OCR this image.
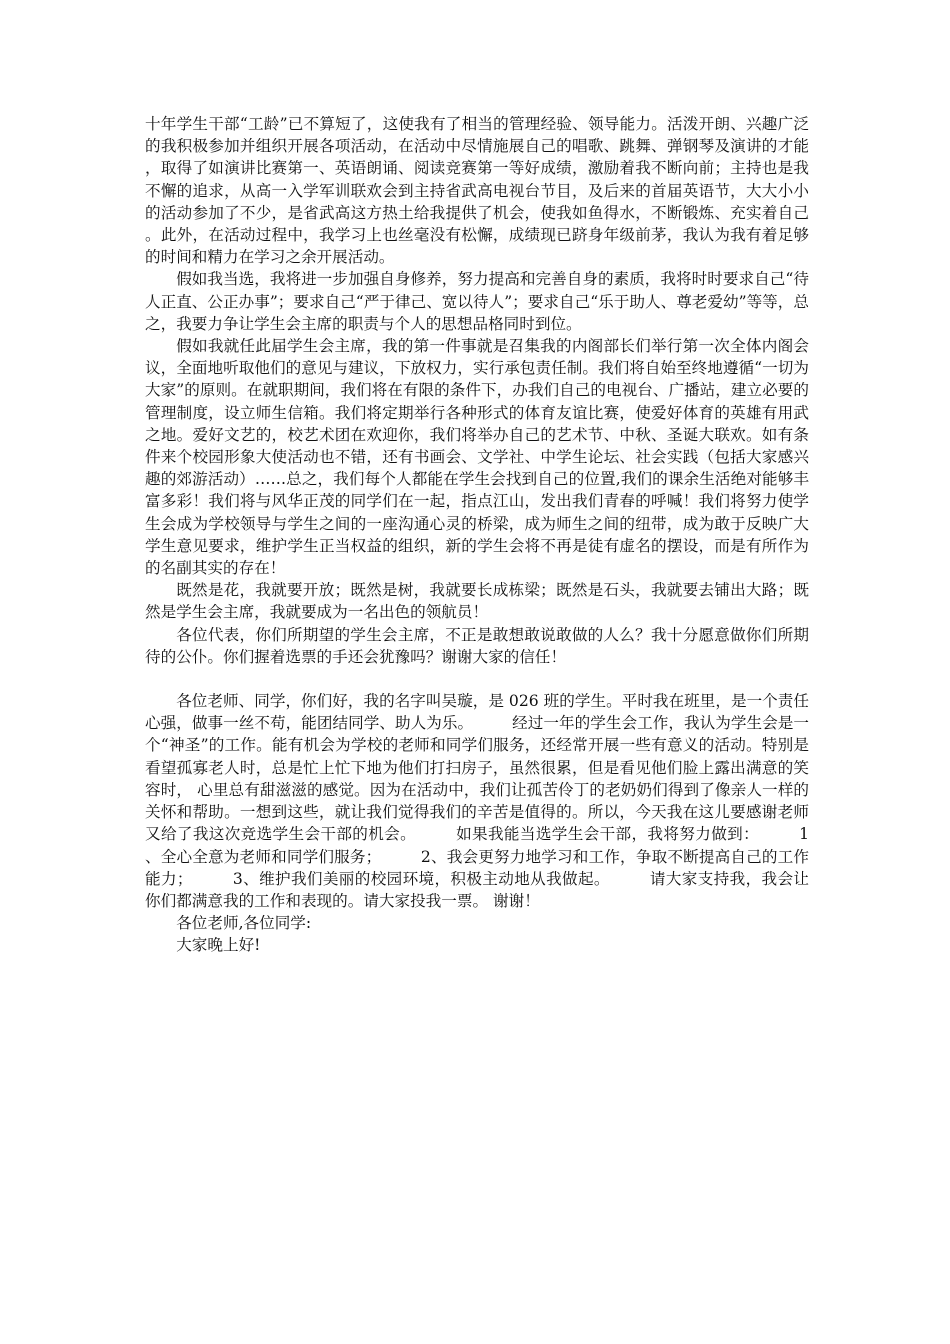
十年学生干部“工龄”已不算短了，这使我有了相当的管理经验、领导能力。活泼开朗、兴趣广泛的我积极参加并组织开展各项活动，在活动中尽情施展自己的唱歌、跳舞、弹钢琴及演讲的才能，取得了如演讲比赛第一、英语朗诵、阅读竞赛第一等好成绩，激励着我不断向前；主持也是我不懈的追求，从高一入学军训联欢会到主持省武高电视台节目，及后来的首届英语节，大大小小的活动参加了不少，是省武高这方热土给我提供了机会，使我如鱼得水，不断锻炼、充实着自己。此外，在活动过程中，我学习上也丝毫没有松懈，成绩现已跻身年级前茅，我认为我有着足够的时间和精力在学习之余开展活动。

假如我当选，我将进一步加强自身修养，努力提高和完善自身的素质，我将时时要求自己“待人正直、公正办事”；要求自己“严于律己、宽以待人”；要求自己“乐于助人、尊老爱幼”等等，总之，我要力争让学生会主席的职责与个人的思想品格同时到位。

假如我就任此届学生会主席，我的第一件事就是召集我的内阁部长们举行第一次全体内阁会议，全面地听取他们的意见与建议，下放权力，实行承包责任制。我们将自始至终地遵循“一切为大家”的原则。在就职期间，我们将在有限的条件下，办我们自己的电视台、广播站，建立必要的管理制度，设立师生信箱。我们将定期举行各种形式的体育友谊比赛，使爱好体育的英雄有用武之地。爱好文艺的，校艺术团在欢迎你，我们将举办自己的艺术节、中秋、圣诞大联欢。如有条件来个校园形象大使活动也不错，还有书画会、文学社、中学生论坛、社会实践（包括大家感兴趣的郊游活动）……总之，我们每个人都能在学生会找到自己的位置,我们的课余生活绝对能够丰富多彩！我们将与风华正茂的同学们在一起，指点江山，发出我们青春的呼喊！我们将努力使学生会成为学校领导与学生之间的一座沟通心灵的桥梁，成为师生之间的纽带，成为敢于反映广大学生意见要求，维护学生正当权益的组织，新的学生会将不再是徒有虚名的摆设，而是有所作为的名副其实的存在！

既然是花，我就要开放；既然是树，我就要长成栋梁；既然是石头，我就要去铺出大路；既然是学生会主席，我就要成为一名出色的领航员！

各位代表，你们所期望的学生会主席，不正是敢想敢说敢做的人么？我十分愿意做你们所期待的公仆。你们握着选票的手还会犹豫吗？谢谢大家的信任！

各位老师、同学，你们好，我的名字叫吴璇，是 026 班的学生。平时我在班里，是一个责任心强，做事一丝不苟，能团结同学、助人为乐。　　　经过一年的学生会工作，我认为学生会是一个“神圣”的工作。能有机会为学校的老师和同学们服务，还经常开展一些有意义的活动。特别是看望孤寡老人时，总是忙上忙下地为他们打扫房子，虽然很累，但是看见他们脸上露出满意的笑容时， 心里总有甜滋滋的感觉。因为在活动中，我们让孤苦伶丁的老奶奶们得到了像亲人一样的关怀和帮助。一想到这些，就让我们觉得我们的辛苦是值得的。所以，今天我在这儿要感谢老师又给了我这次竞选学生会干部的机会。　　　如果我能当选学生会干部，我将努力做到：　　　1、全心全意为老师和同学们服务；　　　2、我会更努力地学习和工作，争取不断提高自己的工作能力；　　　3、维护我们美丽的校园环境，积极主动地从我做起。　　　请大家支持我，我会让你们都满意我的工作和表现的。请大家投我一票。 谢谢！

各位老师,各位同学:

大家晚上好!
